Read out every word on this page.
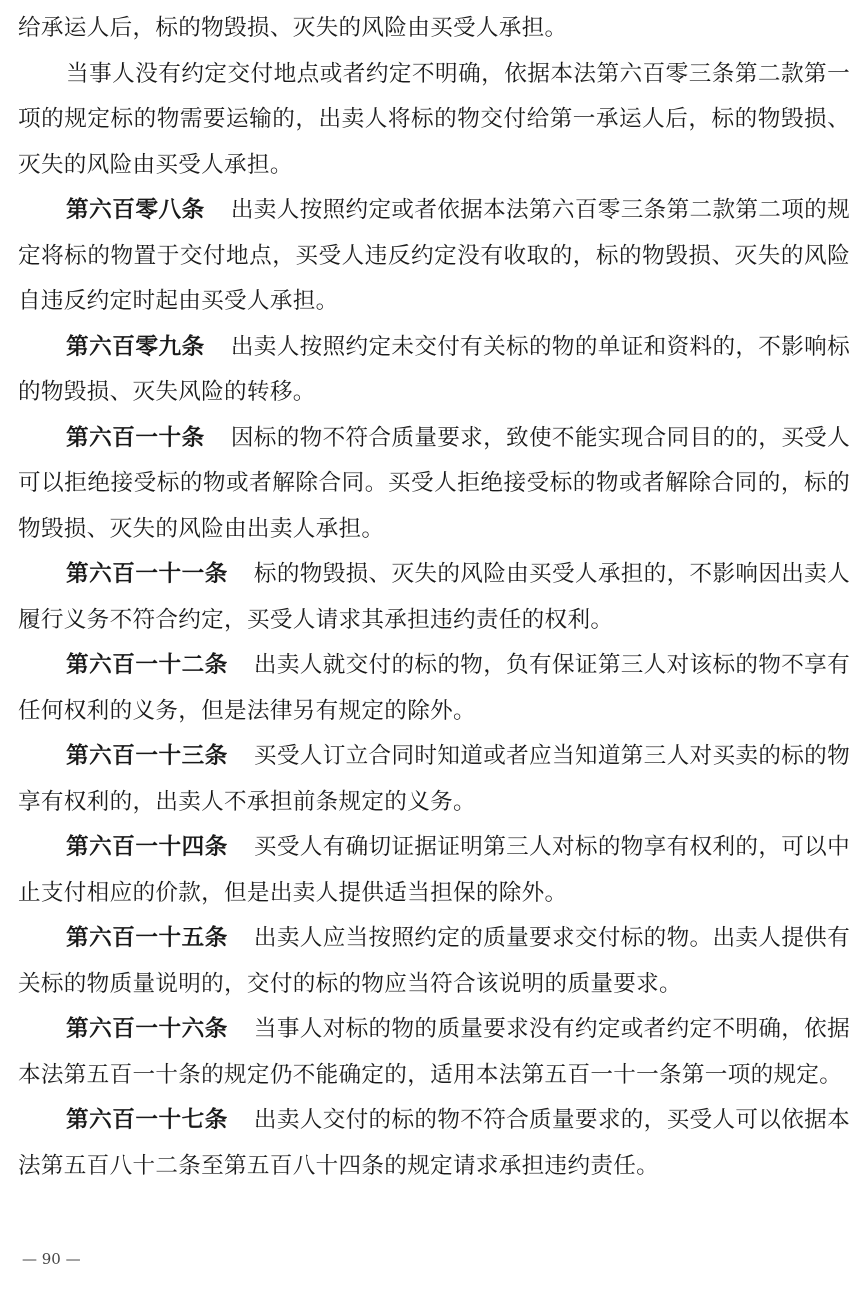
给承运人后，标的物毁损、灭失的风险由买受人承担。

当事人没有约定交付地点或者约定不明确，依据本法第六百零三条第二款第一项的规定标的物需要运输的，出卖人将标的物交付给第一承运人后，标的物毁损、灭失的风险由买受人承担。

第六百零八条 出卖人按照约定或者依据本法第六百零三条第二款第二项的规定将标的物置于交付地点，买受人违反约定没有收取的，标的物毁损、灭失的风险自违反约定时起由买受人承担。

第六百零九条 出卖人按照约定未交付有关标的物的单证和资料的，不影响标的物毁损、灭失风险的转移。

第六百一十条 因标的物不符合质量要求，致使不能实现合同目的的，买受人可以拒绝接受标的物或者解除合同。买受人拒绝接受标的物或者解除合同的，标的物毁损、灭失的风险由出卖人承担。

第六百一十一条 标的物毁损、灭失的风险由买受人承担的，不影响因出卖人履行义务不符合约定，买受人请求其承担违约责任的权利。

第六百一十二条 出卖人就交付的标的物，负有保证第三人对该标的物不享有任何权利的义务，但是法律另有规定的除外。

第六百一十三条 买受人订立合同时知道或者应当知道第三人对买卖的标的物享有权利的，出卖人不承担前条规定的义务。

第六百一十四条 买受人有确切证据证明第三人对标的物享有权利的，可以中止支付相应的价款，但是出卖人提供适当担保的除外。

第六百一十五条 出卖人应当按照约定的质量要求交付标的物。出卖人提供有关标的物质量说明的，交付的标的物应当符合该说明的质量要求。

第六百一十六条 当事人对标的物的质量要求没有约定或者约定不明确，依据本法第五百一十条的规定仍不能确定的，适用本法第五百一十一条第一项的规定。

第六百一十七条 出卖人交付的标的物不符合质量要求的，买受人可以依据本法第五百八十二条至第五百八十四条的规定请求承担违约责任。

— 90 —
